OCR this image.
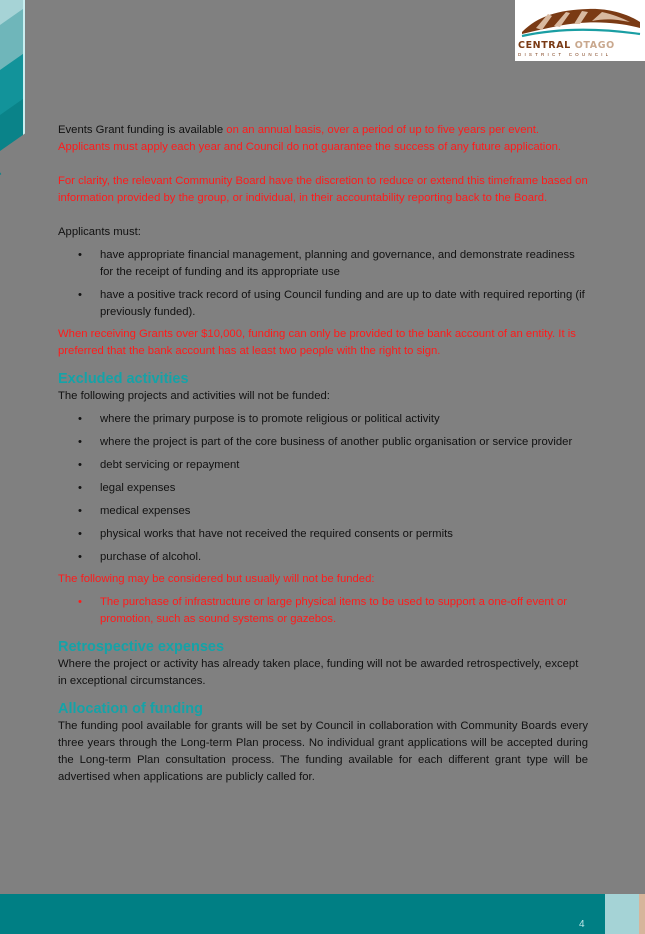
CENTRAL OTAGO
DISTRICT COUNCIL

Events Grant funding is available on an annual basis, over a period of up to five years per event. Applicants must apply each year and Council do not guarantee the success of any future application.

For clarity, the relevant Community Board have the discretion to reduce or extend this timeframe based on information provided by the group, or individual, in their accountability reporting back to the Board.

Applicants must:

• have appropriate financial management, planning and governance, and demonstrate readiness for the receipt of funding and its appropriate use
• have a positive track record of using Council funding and are up to date with required reporting (if previously funded).

When receiving Grants over $10,000, funding can only be provided to the bank account of an entity. It is preferred that the bank account has at least two people with the right to sign.

Excluded activities

The following projects and activities will not be funded:

• where the primary purpose is to promote religious or political activity
• where the project is part of the core business of another public organisation or service provider
• debt servicing or repayment
• legal expenses
• medical expenses
• physical works that have not received the required consents or permits
• purchase of alcohol.

The following may be considered but usually will not be funded:

• The purchase of infrastructure or large physical items to be used to support a one-off event or promotion, such as sound systems or gazebos.
Retrospective expenses

Where the project or activity has already taken place, funding will not be awarded retrospectively, except in exceptional circumstances.

Allocation of funding

The funding pool available for grants will be set by Council in collaboration with Community Boards every three years through the Long-term Plan process. No individual grant applications will be accepted during the Long-term Plan consultation process. The funding available for each different grant type will be advertised when applications are publicly called for.

4
